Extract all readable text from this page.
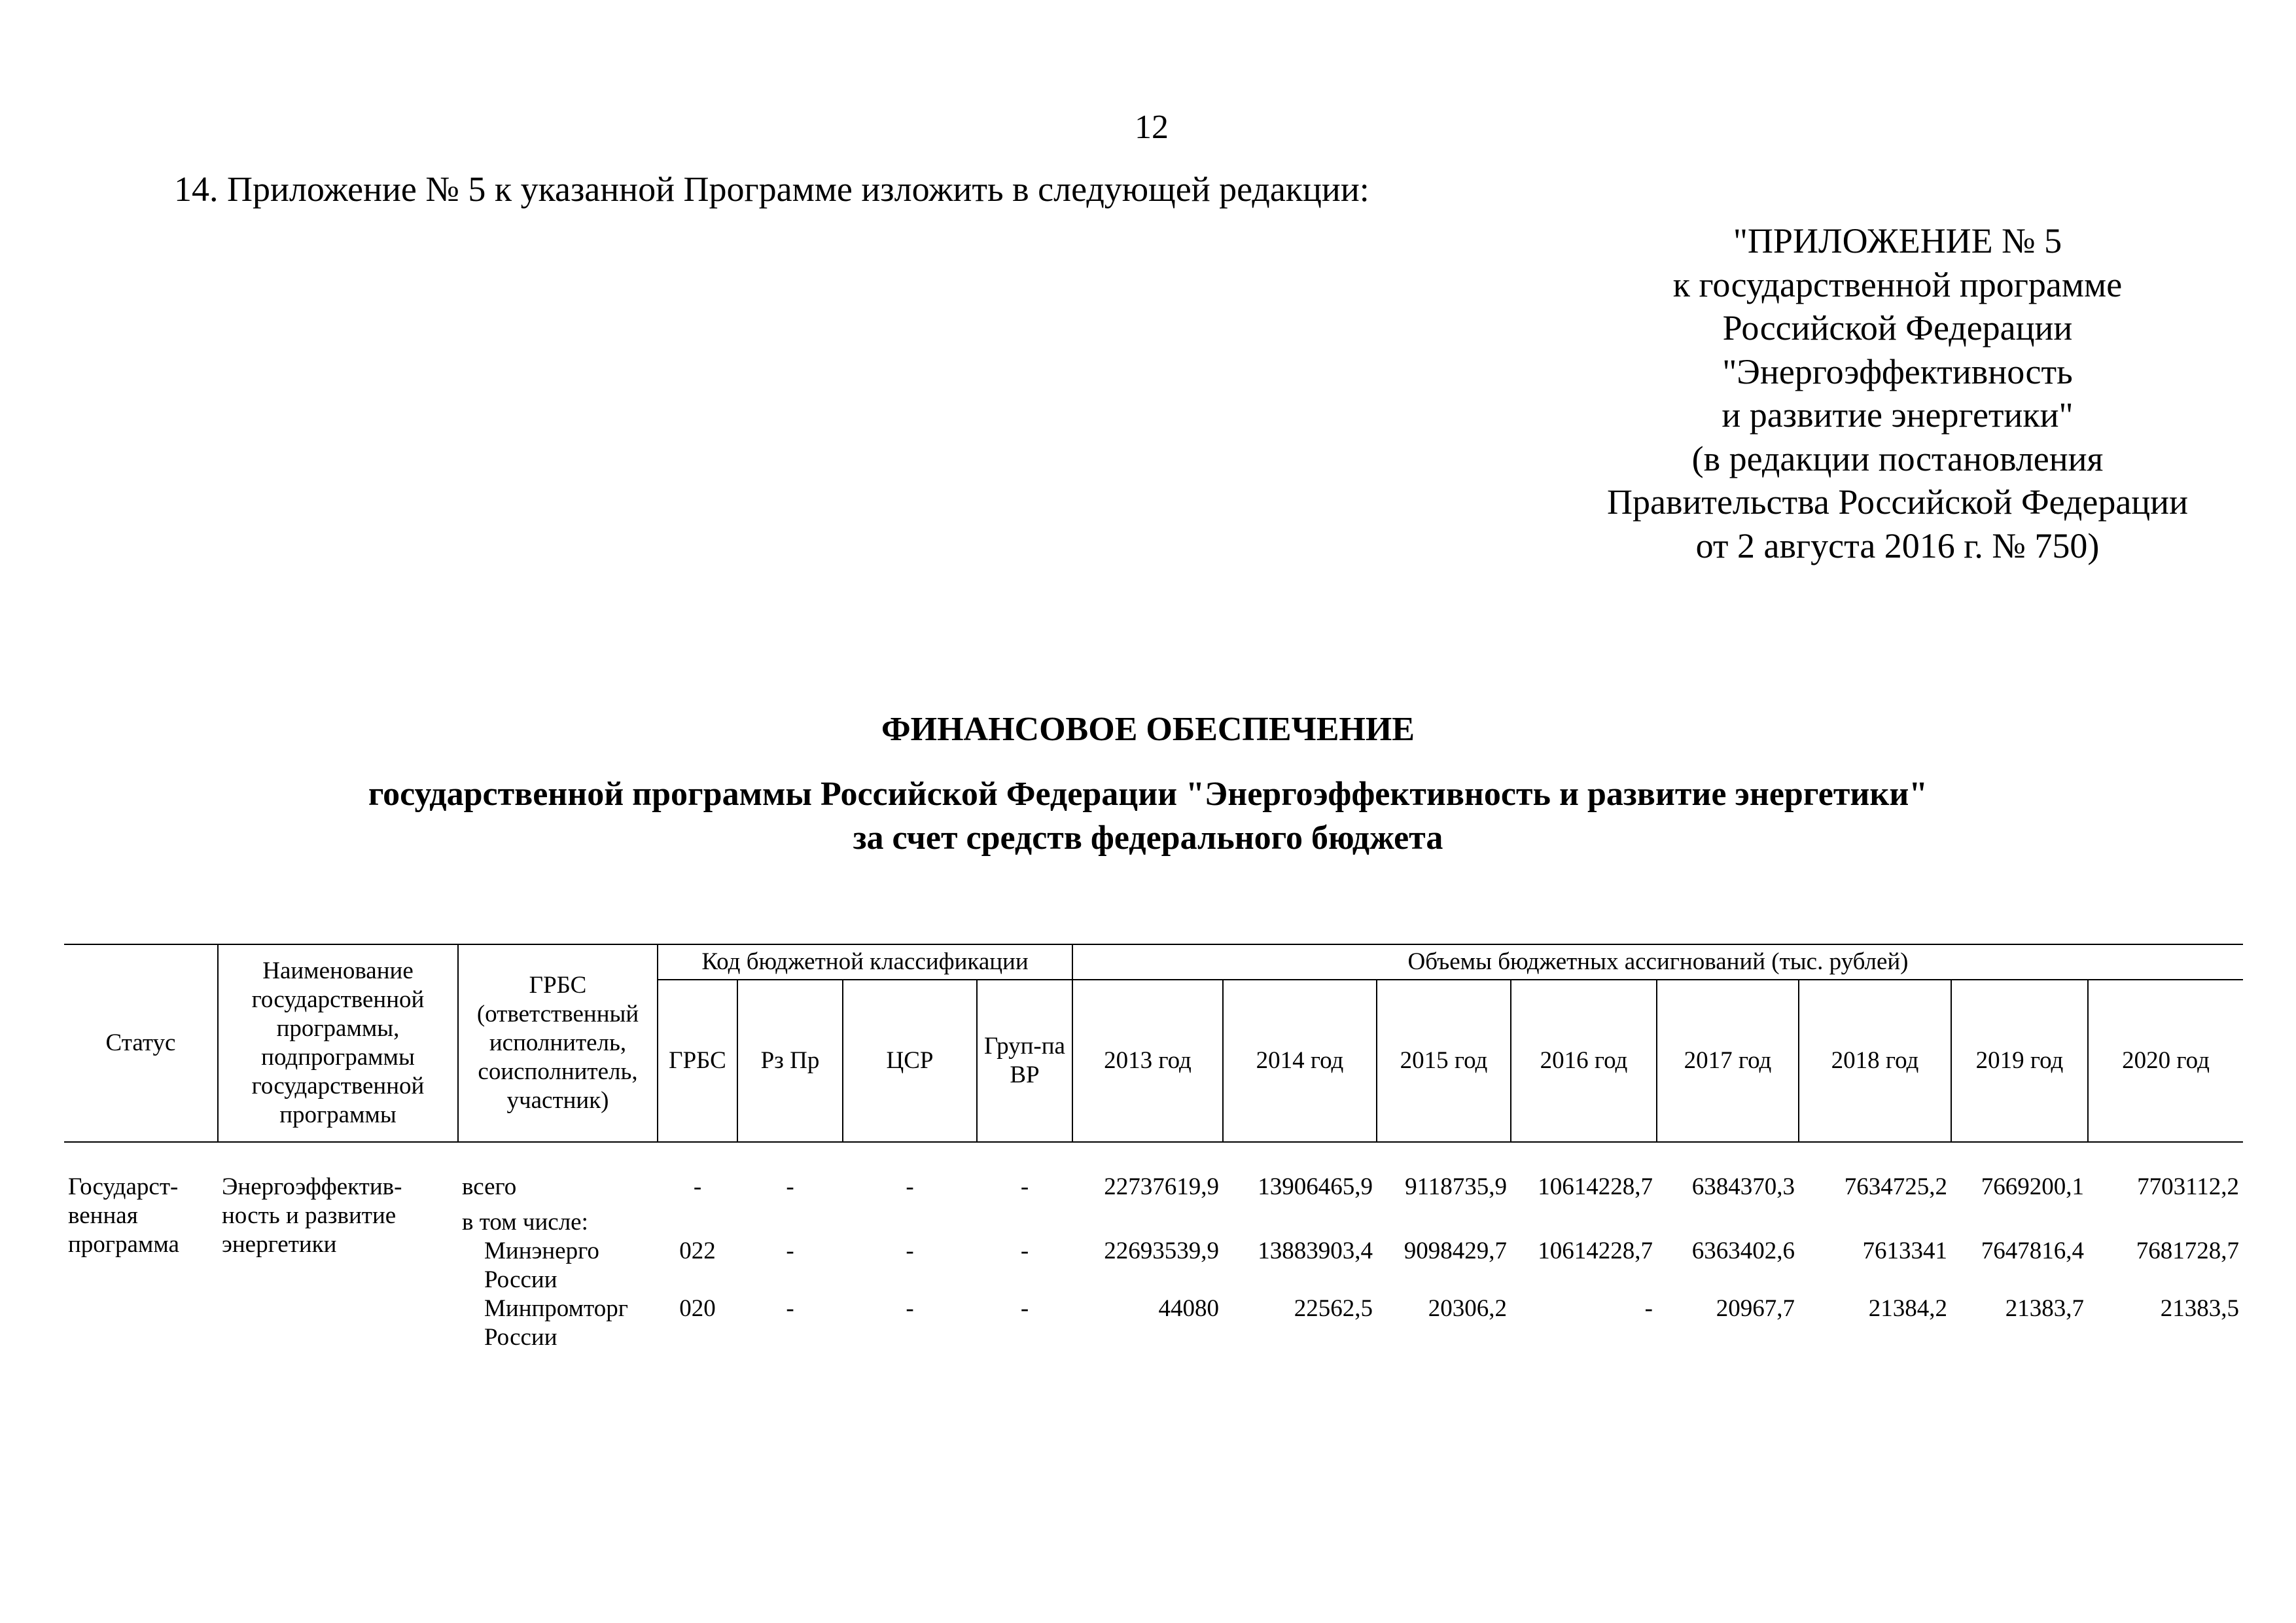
12
14. Приложение № 5 к указанной Программе изложить в следующей редакции:
"ПРИЛОЖЕНИЕ № 5
к государственной программе
Российской Федерации
"Энергоэффективность
и развитие энергетики"
(в редакции постановления
Правительства Российской Федерации
от 2 августа 2016 г. № 750)
ФИНАНСОВОЕ ОБЕСПЕЧЕНИЕ
государственной программы Российской Федерации "Энергоэффективность и развитие энергетики"
за счет средств федерального бюджета
Статус	Наименование государственной программы, подпрограммы государственной программы	ГРБС (ответственный исполнитель, соисполнитель, участник)	Код бюджетной классификации				Объемы бюджетных ассигнований (тыс. рублей)							
			ГРБС	Рз Пр	ЦСР	Груп-па ВР	2013 год	2014 год	2015 год	2016 год	2017 год	2018 год	2019 год	2020 год

Государст-венная программа	Энергоэффектив-ность и развитие энергетики	всего	-	-	-	-	22737619,9	13906465,9	9118735,9	10614228,7	6384370,3	7634725,2	7669200,1	7703112,2
		в том числе:												
		Минэнерго России	022	-	-	-	22693539,9	13883903,4	9098429,7	10614228,7	6363402,6	7613341	7647816,4	7681728,7
		Минпромторг России	020	-	-	-	44080	22562,5	20306,2	-	20967,7	21384,2	21383,7	21383,5
